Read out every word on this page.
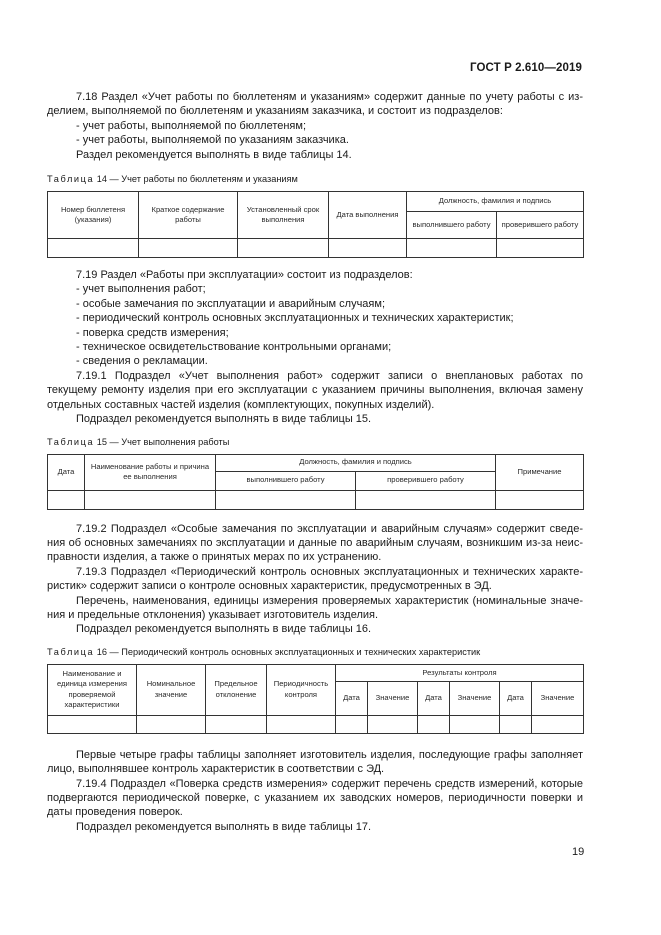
ГОСТ Р 2.610—2019

7.18 Раздел «Учет работы по бюллетеням и указаниям» содержит данные по учету работы с изделием, выполняемой по бюллетеням и указаниям заказчика, и состоит из подразделов:

- учет работы, выполняемой по бюллетеням;

- учет работы, выполняемой по указаниям заказчика.

Раздел рекомендуется выполнять в виде таблицы 14.

Таблица 14 — Учет работы по бюллетеням и указаниям
Номер бюллетеня (указания)	Краткое содержание работы	Установленный срок выполнения	Дата выполнения	Должность, фамилия и подпись	
				выполнившего работу	проверившего работу

7.19 Раздел «Работы при эксплуатации» состоит из подразделов:

- учет выполнения работ;

- особые замечания по эксплуатации и аварийным случаям;

- периодический контроль основных эксплуатационных и технических характеристик;

- поверка средств измерения;

- техническое освидетельствование контрольными органами;

- сведения о рекламации.

7.19.1 Подраздел «Учет выполнения работ» содержит записи о внеплановых работах по текущему ремонту изделия при его эксплуатации с указанием причины выполнения, включая замену отдельных составных частей изделия (комплектующих, покупных изделий).

Подраздел рекомендуется выполнять в виде таблицы 15.

Таблица 15 — Учет выполнения работы
Дата	Наименование работы и причина ее выполнения	Должность, фамилия и подпись		Примечание
		выполнившего работу	проверившего работу	

7.19.2 Подраздел «Особые замечания по эксплуатации и аварийным случаям» содержит сведения об основных замечаниях по эксплуатации и данные по аварийным случаям, возникшим из-за неисправности изделия, а также о принятых мерах по их устранению.

7.19.3 Подраздел «Периодический контроль основных эксплуатационных и технических характеристик» содержит записи о контроле основных характеристик, предусмотренных в ЭД.

Перечень, наименования, единицы измерения проверяемых характеристик (номинальные значения и предельные отклонения) указывает изготовитель изделия.

Подраздел рекомендуется выполнять в виде таблицы 16.

Таблица 16 — Периодический контроль основных эксплуатационных и технических характеристик
Наименование и единица измерения проверяемой характеристики	Номинальное значение	Предельное отклонение	Периодичность контроля	Результаты контроля					
				Дата	Значение	Дата	Значение	Дата	Значение

Первые четыре графы таблицы заполняет изготовитель изделия, последующие графы заполняет лицо, выполнявшее контроль характеристик в соответствии с ЭД.

7.19.4 Подраздел «Поверка средств измерения» содержит перечень средств измерений, которые подвергаются периодической поверке, с указанием их заводских номеров, периодичности поверки и даты проведения поверок.

Подраздел рекомендуется выполнять в виде таблицы 17.

19
